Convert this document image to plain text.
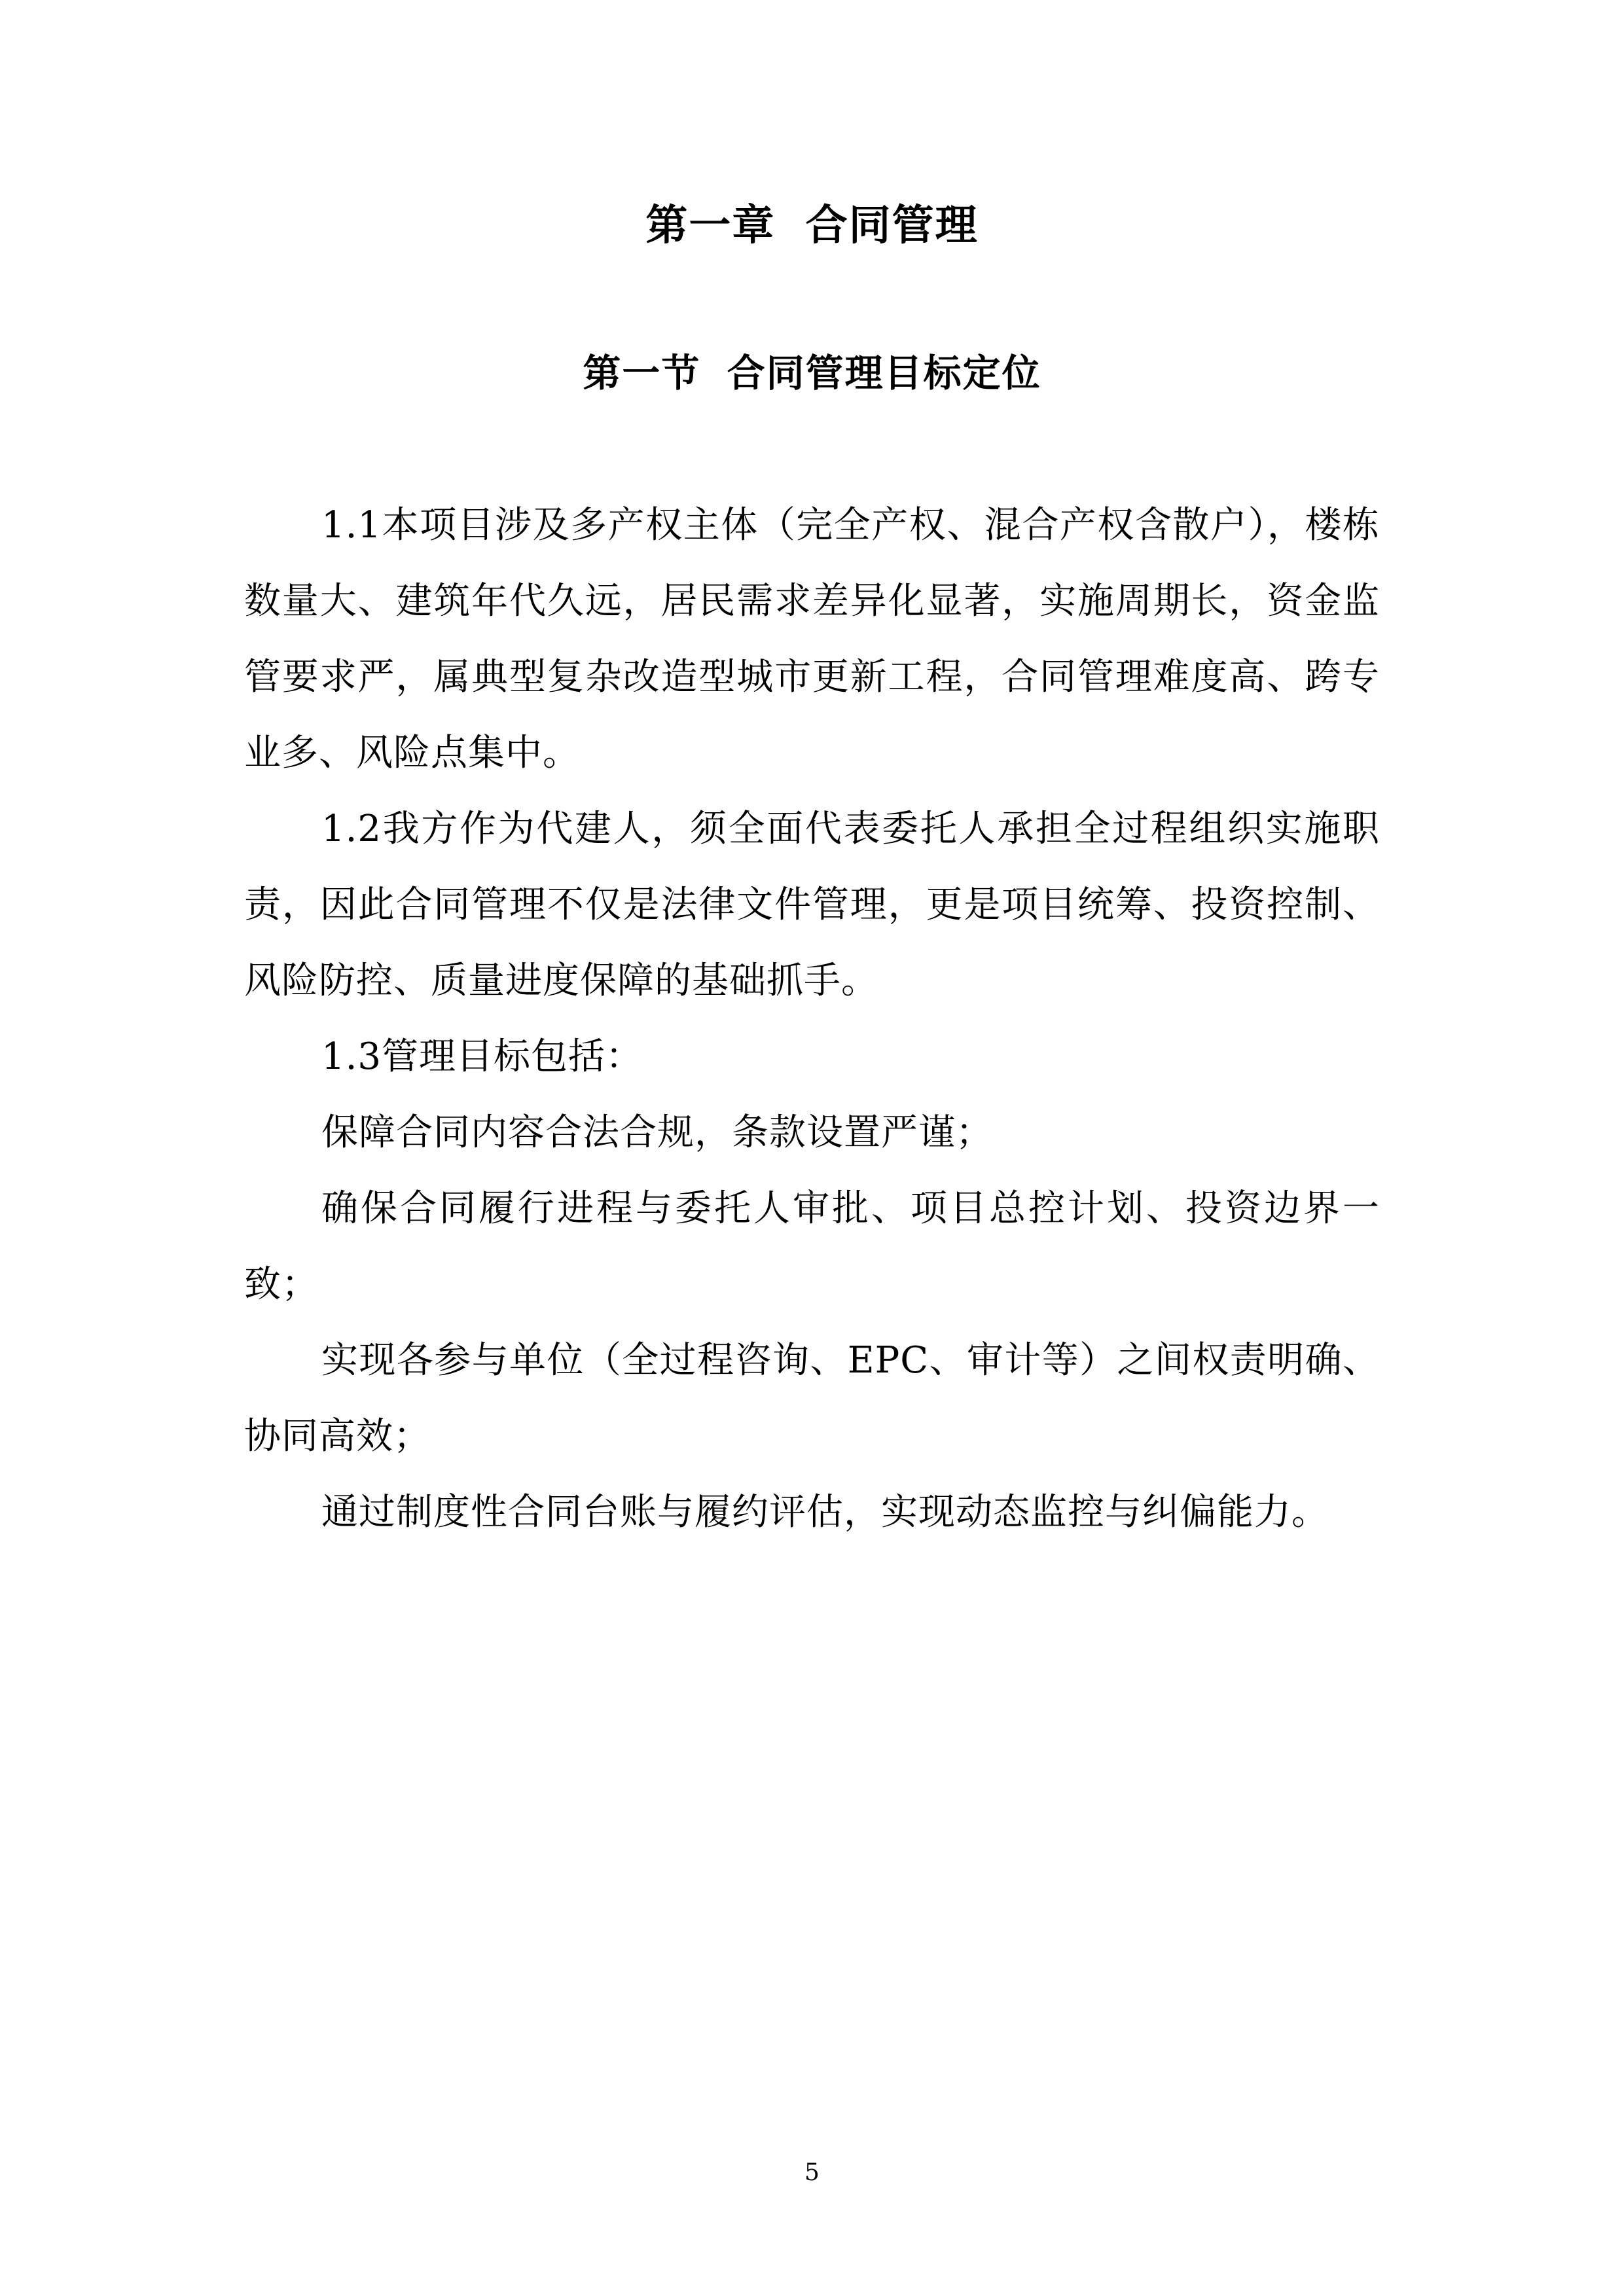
第一章 合同管理
第一节 合同管理目标定位

1.1本项目涉及多产权主体（完全产权、混合产权含散户），楼栋数量大、建筑年代久远，居民需求差异化显著，实施周期长，资金监管要求严，属典型复杂改造型城市更新工程，合同管理难度高、跨专业多、风险点集中。

1.2我方作为代建人，须全面代表委托人承担全过程组织实施职责，因此合同管理不仅是法律文件管理，更是项目统筹、投资控制、风险防控、质量进度保障的基础抓手。

1.3管理目标包括：

保障合同内容合法合规，条款设置严谨；

确保合同履行进程与委托人审批、项目总控计划、投资边界一致；

实现各参与单位（全过程咨询、EPC、审计等）之间权责明确、协同高效；

通过制度性合同台账与履约评估，实现动态监控与纠偏能力。

5
